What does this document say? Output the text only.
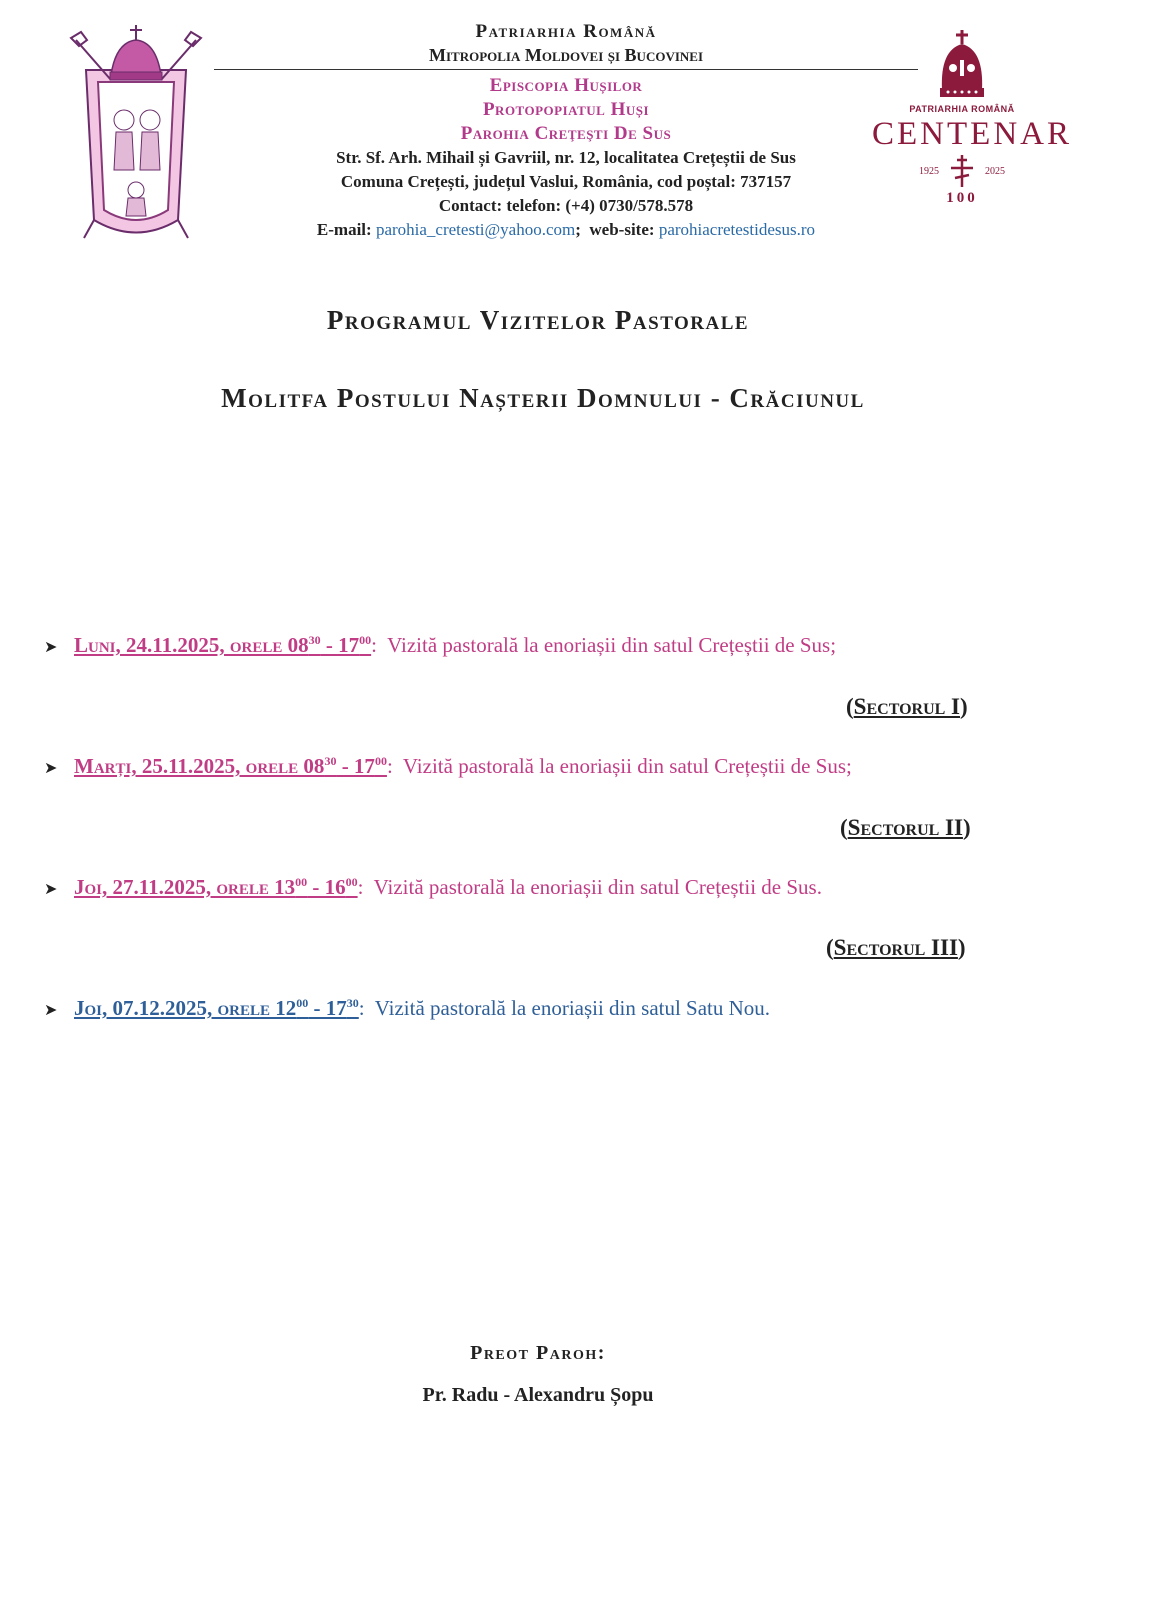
Patriarhia Română
Mitropolia Moldovei și Bucovinei
Episcopia Hușilor
Protopopiatul Huși
Parohia Creţeşti De Sus
Str. Sf. Arh. Mihail și Gavriil, nr. 12, localitatea Crețeștii de Sus
Comuna Crețești, județul Vaslui, România, cod poștal: 737157
Contact: telefon: (+4) 0730/578.578
E-mail: parohia_cretesti@yahoo.com; web-site: parohiacretestidesus.ro
PATRIARHIA ROMÂNĂ
CENTENAR
1925	2025
100
Programul Vizitelor Pastorale
Molitfa Postului Nașterii Domnului - Crăciunul
➤ Luni, 24.11.2025, orele $08^{30} - 17^{00}$: Vizită pastorală la enoriașii din satul Crețeștii de Sus;
(Sectorul I)
➤ Marți, 25.11.2025, orele $08^{30} - 17^{00}$: Vizită pastorală la enoriașii din satul Crețeștii de Sus;
(Sectorul II)
➤ Joi, 27.11.2025, orele $13^{00} - 16^{00}$: Vizită pastorală la enoriașii din satul Crețeștii de Sus.
(Sectorul III)
➤ Joi, 07.12.2025, orele $12^{00} - 17^{30}$: Vizită pastorală la enoriașii din satul Satu Nou.
Preot Paroh:
Pr. Radu - Alexandru Șopu
